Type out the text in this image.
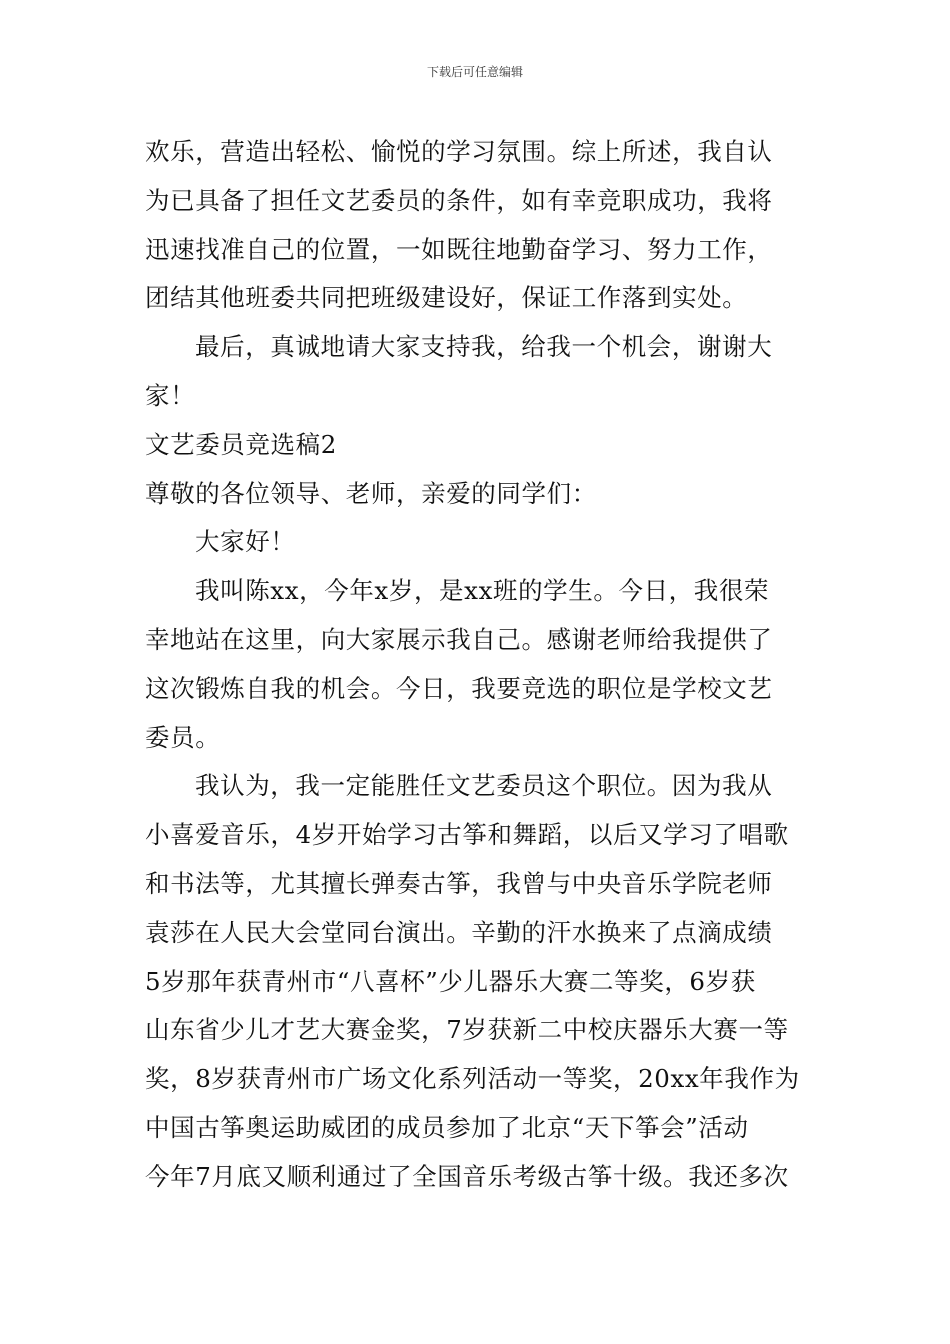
下载后可任意编辑
欢乐，营造出轻松、愉悦的学习氛围。综上所述，我自认
为已具备了担任文艺委员的条件，如有幸竞职成功，我将
迅速找准自己的位置，一如既往地勤奋学习、努力工作，
团结其他班委共同把班级建设好，保证工作落到实处。
最后，真诚地请大家支持我，给我一个机会，谢谢大
家！
文艺委员竞选稿2
尊敬的各位领导、老师，亲爱的同学们：
大家好！
我叫陈xx，今年x岁，是xx班的学生。今日，我很荣
幸地站在这里，向大家展示我自己。感谢老师给我提供了
这次锻炼自我的机会。今日，我要竞选的职位是学校文艺
委员。
我认为，我一定能胜任文艺委员这个职位。因为我从
小喜爱音乐，4岁开始学习古筝和舞蹈，以后又学习了唱歌
和书法等，尤其擅长弹奏古筝，我曾与中央音乐学院老师
袁莎在人民大会堂同台演出。辛勤的汗水换来了点滴成绩
5岁那年获青州市“八喜杯”少儿器乐大赛二等奖，6岁获
山东省少儿才艺大赛金奖，7岁获新二中校庆器乐大赛一等
奖，8岁获青州市广场文化系列活动一等奖，20xx年我作为
中国古筝奥运助威团的成员参加了北京“天下筝会”活动
今年7月底又顺利通过了全国音乐考级古筝十级。我还多次
